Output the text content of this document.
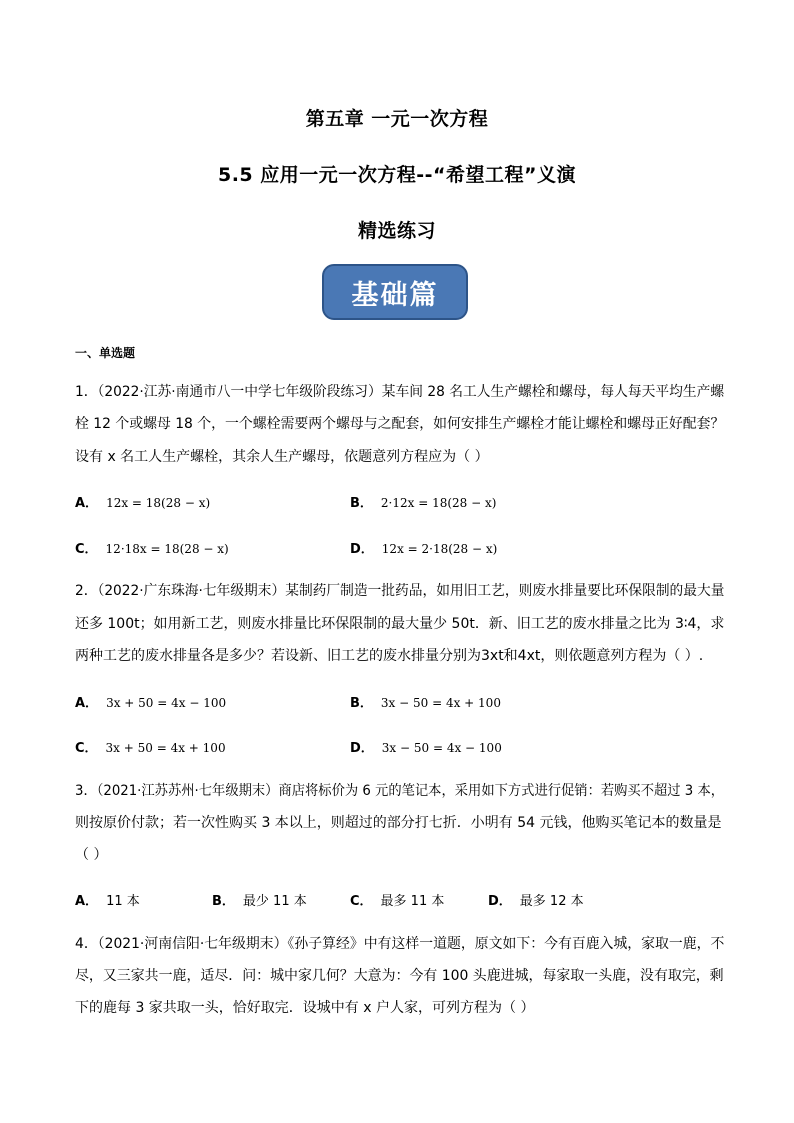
第五章 一元一次方程
5.5 应用一元一次方程--“希望工程”义演
精选练习
基础篇
一、单选题
1．（2022·江苏·南通市八一中学七年级阶段练习）某车间 28 名工人生产螺栓和螺母，每人每天平均生产螺
栓 12 个或螺母 18 个，一个螺栓需要两个螺母与之配套，如何安排生产螺栓才能让螺栓和螺母正好配套？
设有 x 名工人生产螺栓，其余人生产螺母，依题意列方程应为（ ）
A． 12x = 18(28 − x)	B． 2·12x = 18(28 − x)
C． 12·18x = 18(28 − x)	D． 12x = 2·18(28 − x)
2．（2022·广东珠海·七年级期末）某制药厂制造一批药品，如用旧工艺，则废水排量要比环保限制的最大量
还多 100t；如用新工艺，则废水排量比环保限制的最大量少 50t．新、旧工艺的废水排量之比为 3∶4，求
两种工艺的废水排量各是多少？若设新、旧工艺的废水排量分别为3xt和4xt，则依题意列方程为（ ）.
A． 3x + 50 = 4x − 100	B． 3x − 50 = 4x + 100
C． 3x + 50 = 4x + 100	D． 3x − 50 = 4x − 100
3．（2021·江苏苏州·七年级期末）商店将标价为 6 元的笔记本，采用如下方式进行促销：若购买不超过 3 本，
则按原价付款；若一次性购买 3 本以上，则超过的部分打七折．小明有 54 元钱，他购买笔记本的数量是
（ ）
A． 11 本	B． 最少 11 本	C． 最多 11 本	D． 最多 12 本
4．（2021·河南信阳·七年级期末）《孙子算经》中有这样一道题，原文如下：今有百鹿入城，家取一鹿，不
尽，又三家共一鹿，适尽．问：城中家几何？大意为：今有 100 头鹿进城，每家取一头鹿，没有取完，剩
下的鹿每 3 家共取一头，恰好取完．设城中有 x 户人家，可列方程为（ ）
